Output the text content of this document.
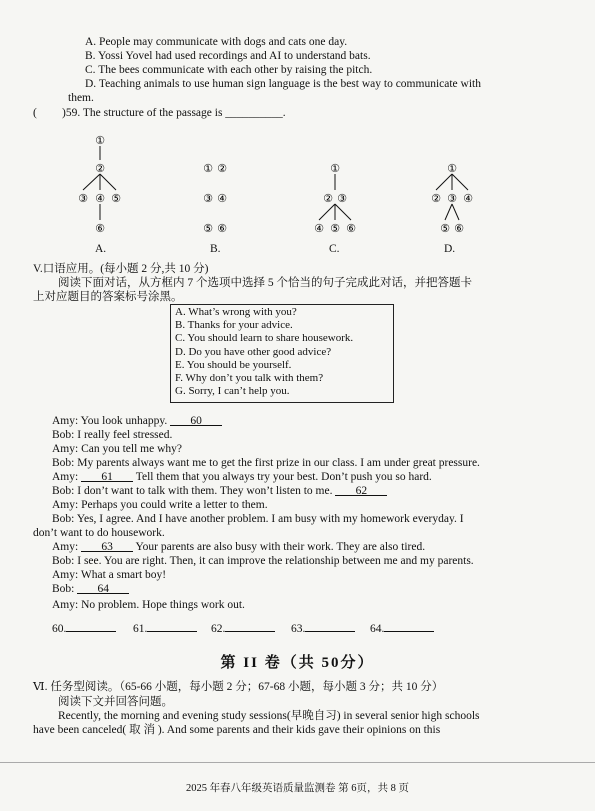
A. People may communicate with dogs and cats one day.
B. Yossi Yovel had used recordings and AI to understand bats.
C. The bees communicate with each other by raising the pitch.
D. Teaching animals to use human sign language is the best way to communicate with
them.
( )59. The structure of the passage is __________.
①
②
③ ④ ⑤
⑥
A.
① ②
③ ④
⑤ ⑥
B.
①
② ③
④ ⑤ ⑥
C.
①
② ③ ④
⑤ ⑥
D.
V.口语应用。(每小题 2 分,共 10 分)
阅读下面对话，从方框内 7 个选项中选择 5 个恰当的句子完成此对话，并把答题卡
上对应题目的答案标号涂黑。
A. What’s wrong with you?
B. Thanks for your advice.
C. You should learn to share housework.
D. Do you have other good advice?
E. You should be yourself.
F. Why don’t you talk with them?
G. Sorry, I can’t help you.
Amy: You look unhappy. 60
Bob: I really feel stressed.
Amy: Can you tell me why?
Bob: My parents always want me to get the first prize in our class. I am under great pressure.
Amy: 61 Tell them that you always try your best. Don’t push you so hard.
Bob: I don’t want to talk with them. They won’t listen to me. 62
Amy: Perhaps you could write a letter to them.
Bob: Yes, I agree. And I have another problem. I am busy with my homework everyday. I
don’t want to do housework.
Amy: 63 Your parents are also busy with their work. They are also tired.
Bob: I see. You are right. Then, it can improve the relationship between me and my parents.
Amy: What a smart boy!
Bob: 64
Amy: No problem. Hope things work out.
60.	61.	62.	63.	64.
第 II 卷（共 50分）
Ⅵ. 任务型阅读。（65-66 小题，每小题 2 分；67-68 小题，每小题 3 分；共 10 分）
阅读下文并回答问题。
Recently, the morning and evening study sessions(早晚自习) in several senior high schools
have been canceled( 取 消 ). And some parents and their kids gave their opinions on this
2025 年春八年级英语质量监测卷 第 6页，共 8 页
